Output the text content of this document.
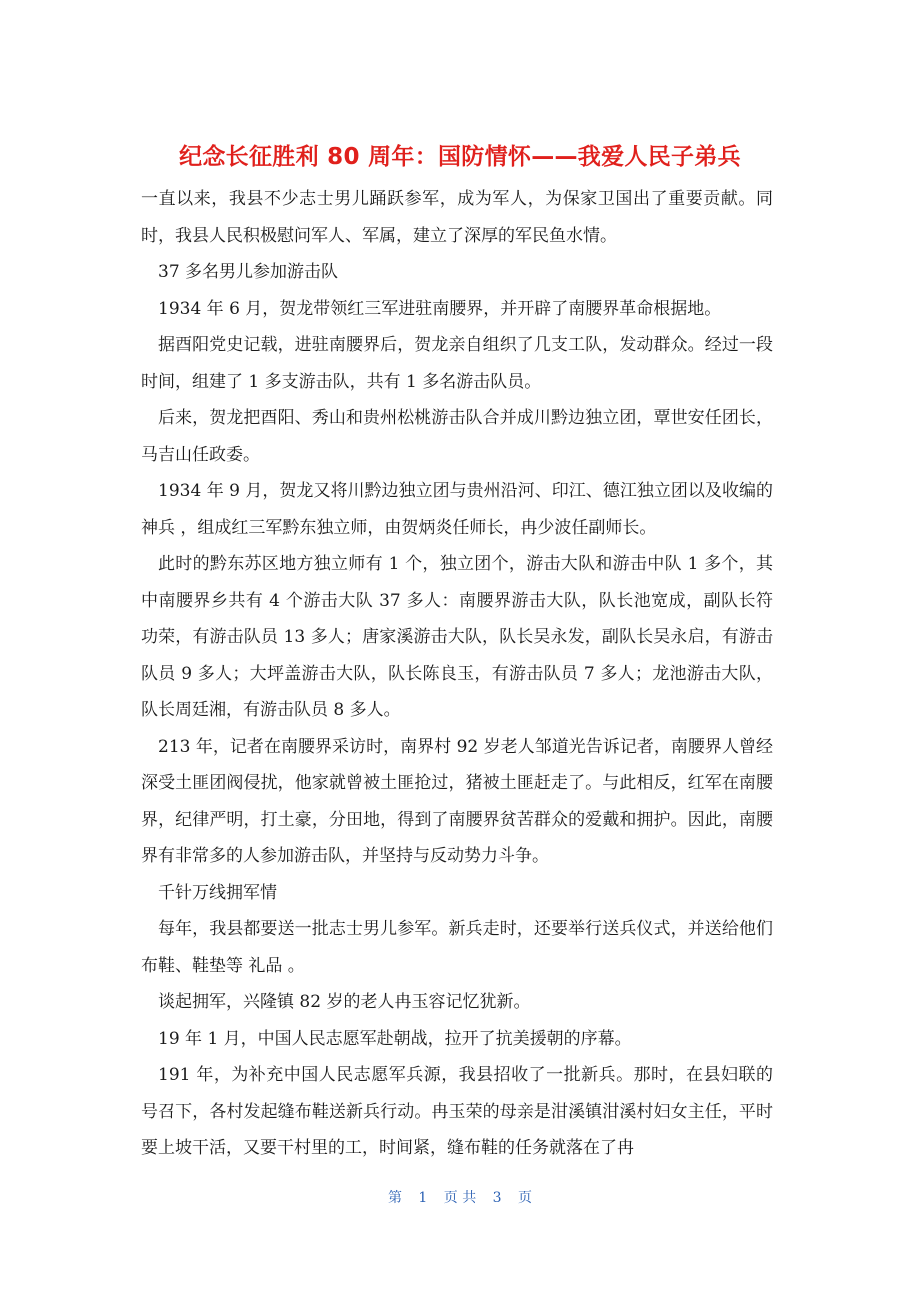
纪念长征胜利 80 周年：国防情怀——我爱人民子弟兵

一直以来，我县不少志士男儿踊跃参军，成为军人，为保家卫国出了重要贡献。同时，我县人民积极慰问军人、军属，建立了深厚的军民鱼水情。

37 多名男儿参加游击队

1934 年 6 月，贺龙带领红三军进驻南腰界，并开辟了南腰界革命根据地。

据酉阳党史记载，进驻南腰界后，贺龙亲自组织了几支工队，发动群众。经过一段时间，组建了 1 多支游击队，共有 1 多名游击队员。

后来，贺龙把酉阳、秀山和贵州松桃游击队合并成川黔边独立团，覃世安任团长，马吉山任政委。

1934 年 9 月，贺龙又将川黔边独立团与贵州沿河、印江、德江独立团以及收编的 神兵 ，组成红三军黔东独立师，由贺炳炎任师长，冉少波任副师长。

此时的黔东苏区地方独立师有 1 个，独立团个，游击大队和游击中队 1 多个，其中南腰界乡共有 4 个游击大队 37 多人：南腰界游击大队，队长池宽成，副队长符功荣，有游击队员 13 多人；唐家溪游击大队，队长吴永发，副队长吴永启，有游击队员 9 多人；大坪盖游击大队，队长陈良玉，有游击队员 7 多人；龙池游击大队，队长周廷湘，有游击队员 8 多人。

213 年，记者在南腰界采访时，南界村 92 岁老人邹道光告诉记者，南腰界人曾经深受土匪团阀侵扰，他家就曾被土匪抢过，猪被土匪赶走了。与此相反，红军在南腰界，纪律严明，打土豪，分田地，得到了南腰界贫苦群众的爱戴和拥护。因此，南腰界有非常多的人参加游击队，并坚持与反动势力斗争。

千针万线拥军情

每年，我县都要送一批志士男儿参军。新兵走时，还要举行送兵仪式，并送给他们布鞋、鞋垫等 礼品 。

谈起拥军，兴隆镇 82 岁的老人冉玉容记忆犹新。

19 年 1 月，中国人民志愿军赴朝战，拉开了抗美援朝的序幕。

191 年，为补充中国人民志愿军兵源，我县招收了一批新兵。那时，在县妇联的号召下，各村发起缝布鞋送新兵行动。冉玉荣的母亲是泔溪镇泔溪村妇女主任，平时要上坡干活，又要干村里的工，时间紧，缝布鞋的任务就落在了冉

第 1 页 共 3 页
